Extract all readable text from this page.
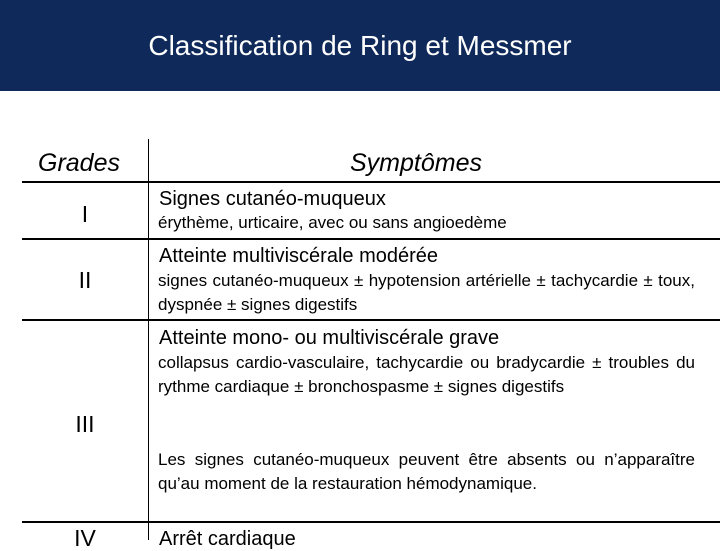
Classification de Ring et Messmer
Grades	Symptômes
I
Signes cutanéo-muqueux

érythème, urticaire, avec ou sans angioedème

II
Atteinte multiviscérale modérée

signes cutanéo-muqueux ± hypotension artérielle ± tachycardie ± toux, dyspnée ± signes digestifs

III
Atteinte mono- ou multiviscérale grave

collapsus cardio-vasculaire, tachycardie ou bradycardie ± troubles du rythme cardiaque ± bronchospasme ± signes digestifs

Les signes cutanéo-muqueux peuvent être absents ou n’apparaître qu’au moment de la restauration hémodynamique.

IV	Arrêt cardiaque
